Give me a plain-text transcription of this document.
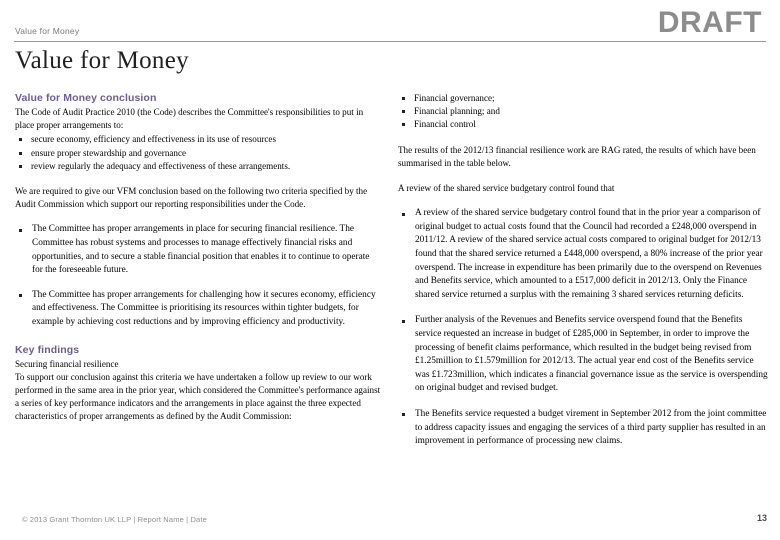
Value for Money	DRAFT
Value for Money
Value for Money conclusion

The Code of Audit Practice 2010 (the Code) describes the Committee's responsibilities to put in place proper arrangements to:

secure economy, efficiency and effectiveness in its use of resources
ensure proper stewardship and governance
review regularly the adequacy and effectiveness of these arrangements.

We are required to give our VFM conclusion based on the following two criteria specified by the Audit Commission which support our reporting responsibilities under the Code.

The Committee has proper arrangements in place for securing financial resilience. The Committee has robust systems and processes to manage effectively financial risks and opportunities, and to secure a stable financial position that enables it to continue to operate for the foreseeable future.
The Committee has proper arrangements for challenging how it secures economy, efficiency and effectiveness. The Committee is prioritising its resources within tighter budgets, for example by achieving cost reductions and by improving efficiency and productivity.
Key findings

Securing financial resilience

To support our conclusion against this criteria we have undertaken a follow up review to our work performed in the same area in the prior year, which considered the Committee's performance against a series of key performance indicators and the arrangements in place against the three expected characteristics of proper arrangements as defined by the Audit Commission:

Financial governance;
Financial planning; and
Financial control

The results of the 2012/13 financial resilience work are RAG rated, the results of which have been summarised in the table below.

A review of the shared service budgetary control found that

A review of the shared service budgetary control found that in the prior year a comparison of original budget to actual costs found that the Council had recorded a £248,000 overspend in 2011/12. A review of the shared service actual costs compared to original budget for 2012/13 found that the shared service returned a £448,000 overspend, a 80% increase of the prior year overspend. The increase in expenditure has been primarily due to the overspend on Revenues and Benefits service, which amounted to a £517,000 deficit in 2012/13. Only the Finance shared service returned a surplus with the remaining 3 shared services returning deficits.
Further analysis of the Revenues and Benefits service overspend found that the Benefits service requested an increase in budget of £285,000 in September, in order to improve the processing of benefit claims performance, which resulted in the budget being revised from £1.25million to £1.579million for 2012/13. The actual year end cost of the Benefits service was £1.723million, which indicates a financial governance issue as the service is overspending on original budget and revised budget.
The Benefits service requested a budget virement in September 2012 from the joint committee to address capacity issues and engaging the services of a third party supplier has resulted in an improvement in performance of processing new claims.
© 2013 Grant Thornton UK LLP | Report Name | Date	13
